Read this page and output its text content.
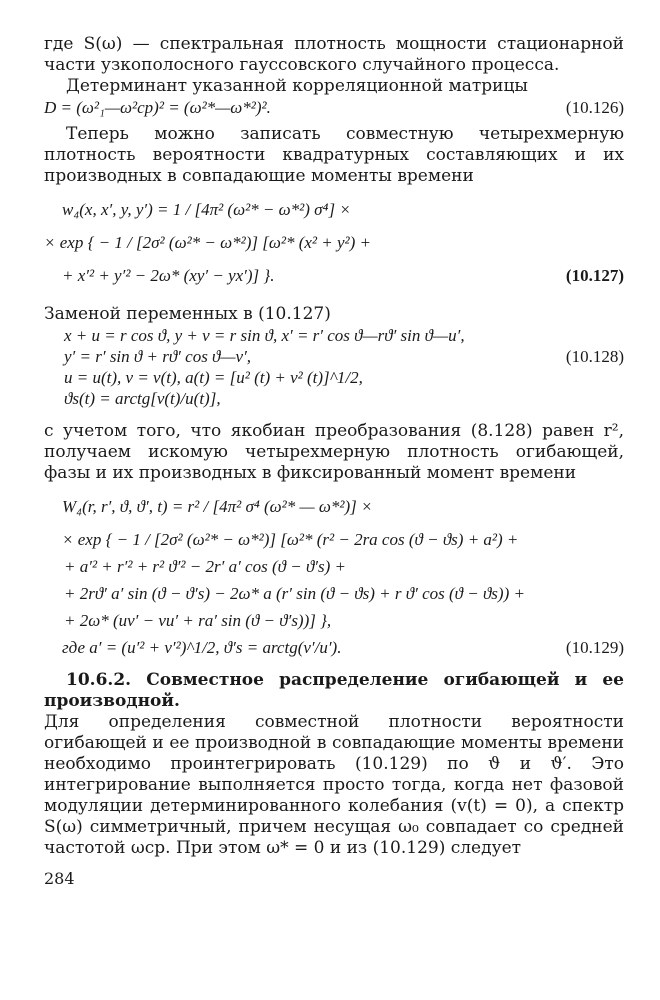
где S(ω) — спектральная плотность мощности стационарной части узкополосного гауссовского случайного процесса.

Детерминант указанной корреляционной матрицы

D = (ω²₁—ω²ср)² = (ω²*—ω*²)².	(10.126)

Теперь можно записать совместную четырехмерную плотность вероятности квадратурных составляющих и их производных в совпадающие моменты времени

w₄(x, x′, y, y′) = 1 / [4π² (ω²* − ω*²) σ⁴] ×
× exp { − 1 / [2σ² (ω²* − ω*²)] [ω²* (x² + y²) +
+ x′² + y′² − 2ω* (xy′ − yx′)] }.	(10.127)

Заменой переменных в (10.127)

x + u = r cos ϑ, y + v = r sin ϑ, x′ = r′ cos ϑ—rϑ′ sin ϑ—u′,
y′ = r′ sin ϑ + rϑ′ cos ϑ—v′,	(10.128)
u = u(t), v = v(t), a(t) = [u² (t) + v² (t)]^1/2,
ϑs(t) = arctg[v(t)/u(t)],

с учетом того, что якобиан преобразования (8.128) равен r², получаем искомую четырехмерную плотность огибающей, фазы и их производных в фиксированный момент времени

W₄(r, r′, ϑ, ϑ′, t) = r² / [4π² σ⁴ (ω²* — ω*²)] ×
× exp { − 1 / [2σ² (ω²* − ω*²)] [ω²* (r² − 2ra cos (ϑ − ϑs) + a²) +
+ a′² + r′² + r² ϑ′² − 2r′ a′ cos (ϑ − ϑ′s) +
+ 2rϑ′ a′ sin (ϑ − ϑ′s) − 2ω* a (r′ sin (ϑ − ϑs) + r ϑ′ cos (ϑ − ϑs)) +
+ 2ω* (uv′ − vu′ + ra′ sin (ϑ − ϑ′s))] },
где a′ = (u′² + v′²)^1/2, ϑ′s = arctg(v′/u′).	(10.129)

10.6.2. Совместное распределение огибающей и ее производной.

Для определения совместной плотности вероятности огибающей и ее производной в совпадающие моменты времени необходимо проинтегрировать (10.129) по ϑ и ϑ′. Это интегрирование выполняется просто тогда, когда нет фазовой модуляции детерминированного колебания (v(t) = 0), а спектр S(ω) симметричный, причем несущая ω₀ совпадает со средней частотой ωср. При этом ω* = 0 и из (10.129) следует

284
